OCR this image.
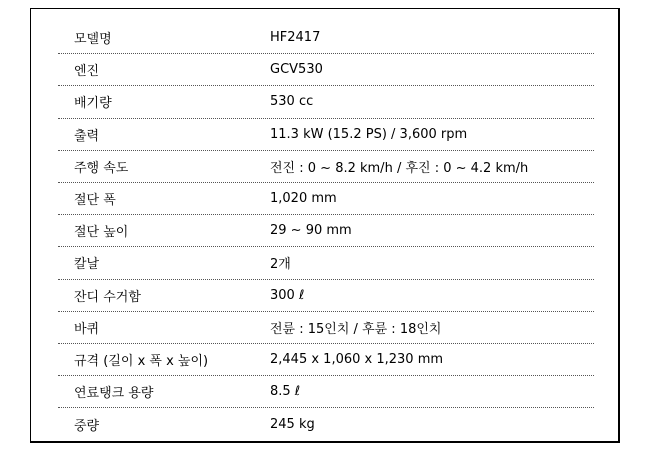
모델명	HF2417
엔진	GCV530
배기량	530 cc
출력	11.3 kW (15.2 PS) / 3,600 rpm
주행 속도	전진 : 0 ~ 8.2 km/h / 후진 : 0 ~ 4.2 km/h
절단 폭	1,020 mm
절단 높이	29 ~ 90 mm
칼날	2개
잔디 수거함	300 ℓ
바퀴	전륜 : 15인치 / 후륜 : 18인치
규격 (길이 x 폭 x 높이)	2,445 x 1,060 x 1,230 mm
연료탱크 용량	8.5 ℓ
중량	245 kg
